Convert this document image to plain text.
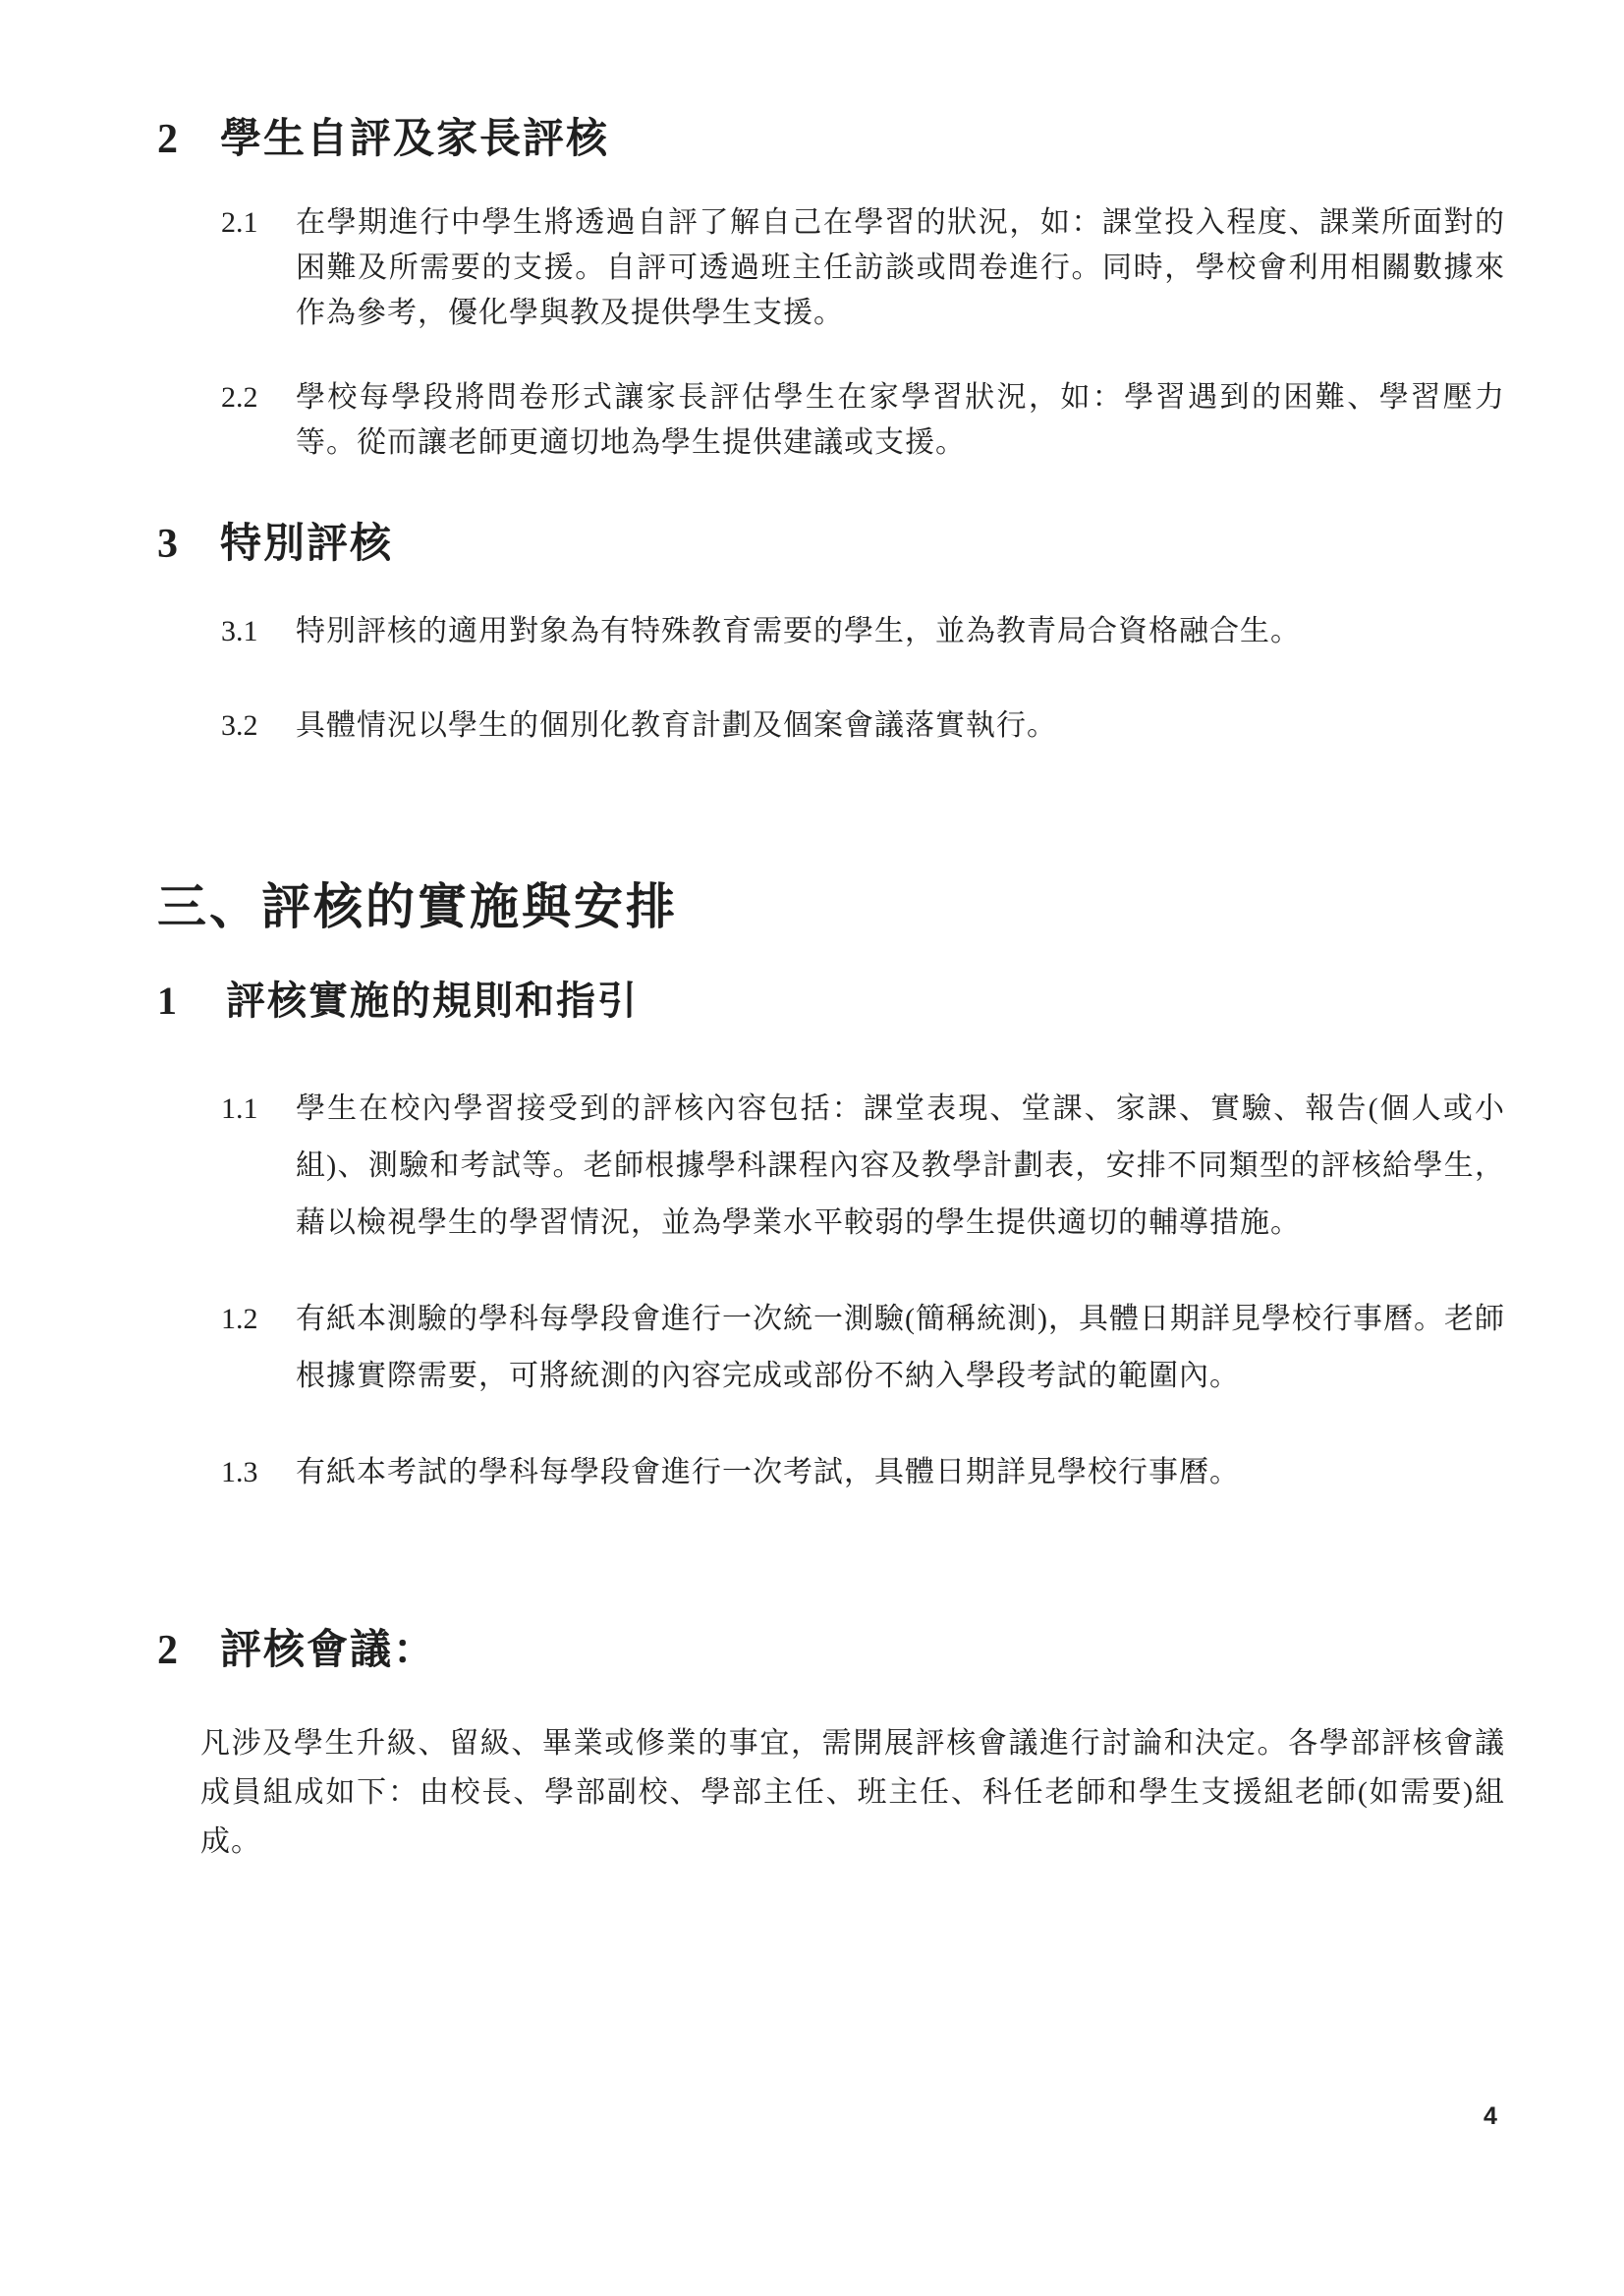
2	學生自評及家長評核
2.1	在學期進行中學生將透過自評了解自己在學習的狀況，如：課堂投入程度、課業所面對的困難及所需要的支援。自評可透過班主任訪談或問卷進行。同時，學校會利用相關數據來作為參考，優化學與教及提供學生支援。

2.2	學校每學段將問卷形式讓家長評估學生在家學習狀況，如：學習遇到的困難、學習壓力等。從而讓老師更適切地為學生提供建議或支援。

3	特別評核
3.1	特別評核的適用對象為有特殊教育需要的學生，並為教青局合資格融合生。

3.2	具體情況以學生的個別化教育計劃及個案會議落實執行。

三、評核的實施與安排
1	評核實施的規則和指引
1.1	學生在校內學習接受到的評核內容包括：課堂表現、堂課、家課、實驗、報告(個人或小組)、測驗和考試等。老師根據學科課程內容及教學計劃表，安排不同類型的評核給學生，藉以檢視學生的學習情況，並為學業水平較弱的學生提供適切的輔導措施。

1.2	有紙本測驗的學科每學段會進行一次統一測驗(簡稱統測)，具體日期詳見學校行事曆。老師根據實際需要，可將統測的內容完成或部份不納入學段考試的範圍內。

1.3	有紙本考試的學科每學段會進行一次考試，具體日期詳見學校行事曆。

2	評核會議：

凡涉及學生升級、留級、畢業或修業的事宜，需開展評核會議進行討論和決定。各學部評核會議成員組成如下：由校長、學部副校、學部主任、班主任、科任老師和學生支援組老師(如需要)組成。

4
